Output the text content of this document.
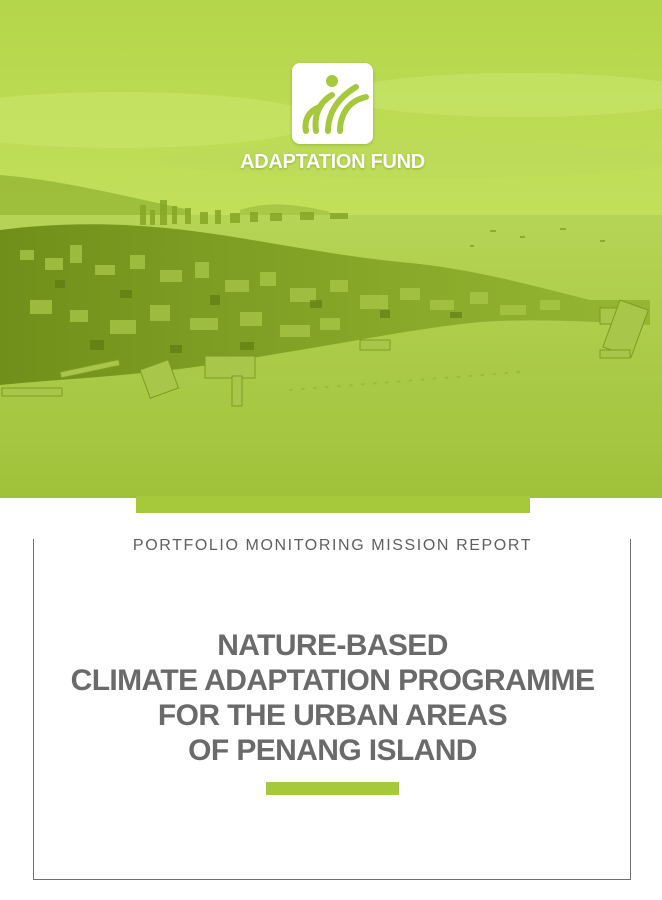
ADAPTATION FUND
PORTFOLIO MONITORING MISSION REPORT
NATURE-BASED
CLIMATE ADAPTATION PROGRAMME
FOR THE URBAN AREAS
OF PENANG ISLAND
